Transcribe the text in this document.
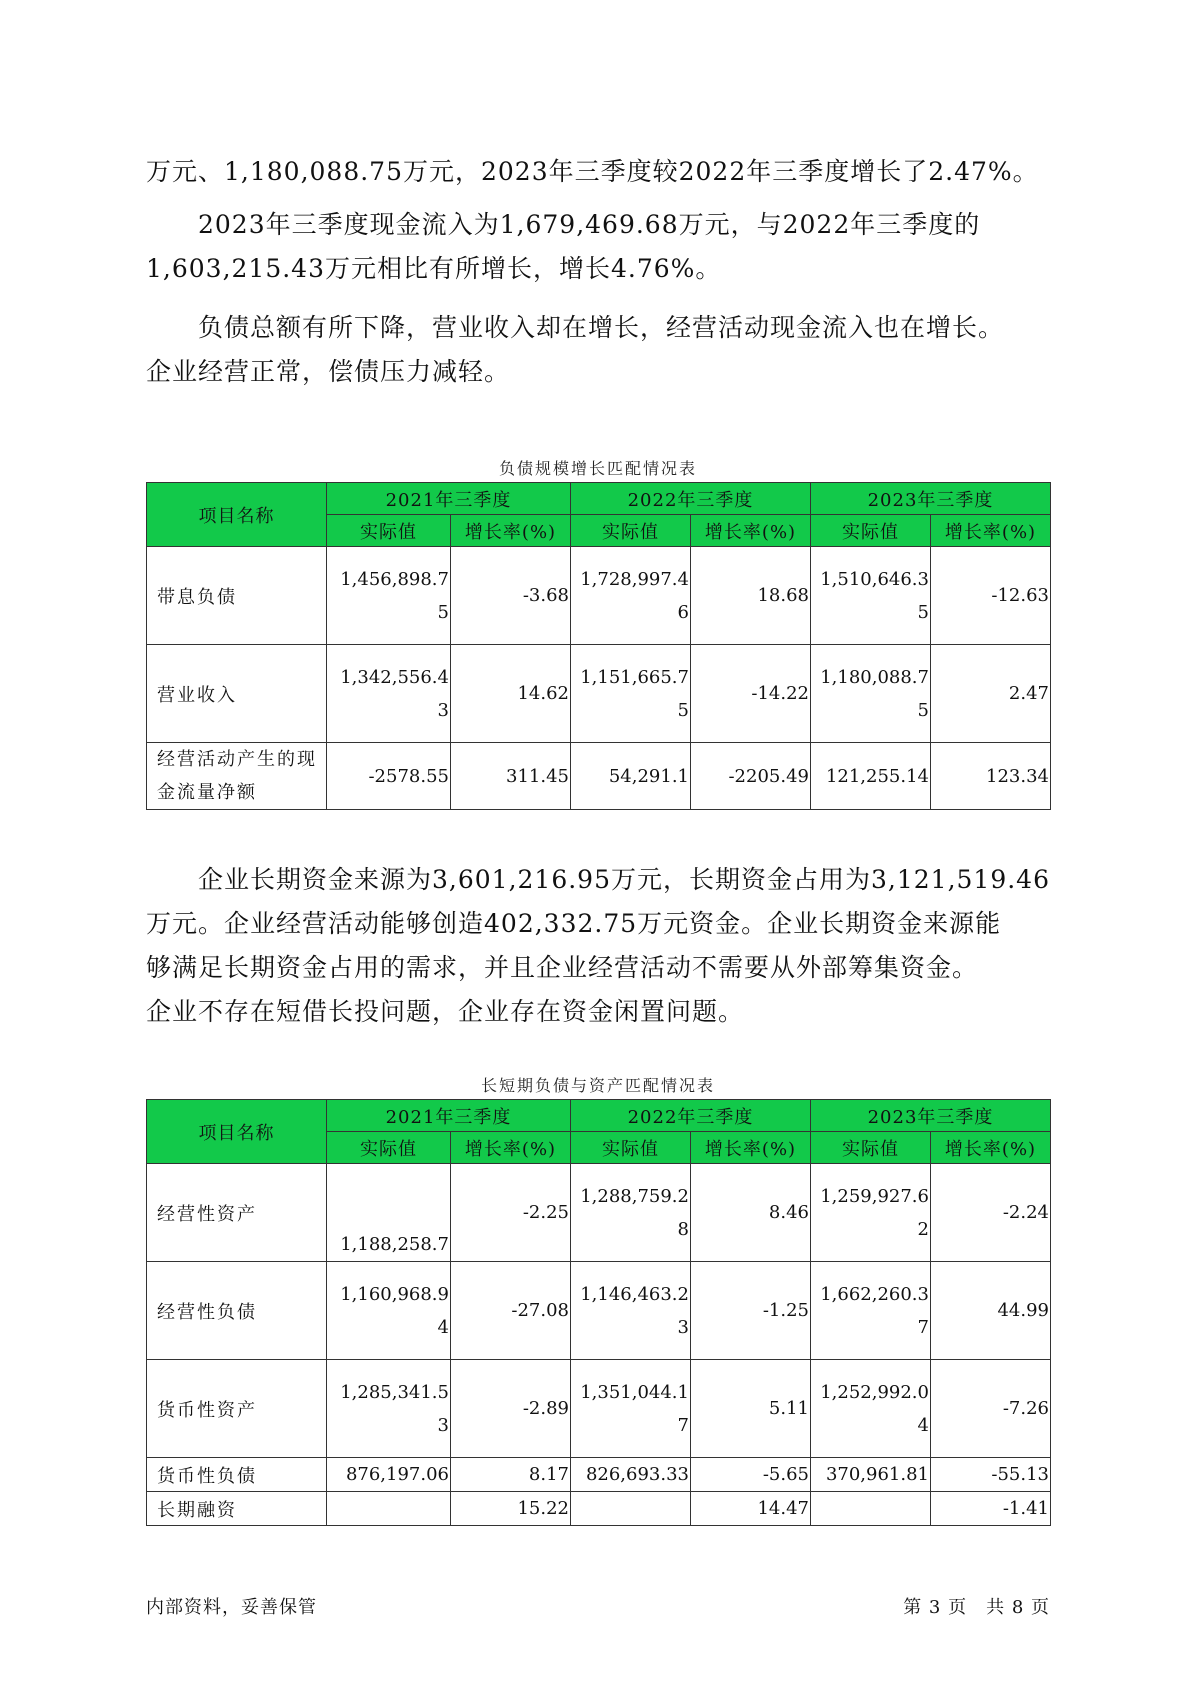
万元、1,180,088.75万元，2023年三季度较2022年三季度增长了2.47%。
　　2023年三季度现金流入为1,679,469.68万元，与2022年三季度的
1,603,215.43万元相比有所增长，增长4.76%。
　　负债总额有所下降，营业收入却在增长，经营活动现金流入也在增长。
企业经营正常，偿债压力减轻。
负债规模增长匹配情况表
项目名称	2021年三季度		2022年三季度		2023年三季度	
	实际值	增长率(%)	实际值	增长率(%)	实际值	增长率(%)
带息负债	1,456,898.75	-3.68	1,728,997.46	18.68	1,510,646.35	-12.63
营业收入	1,342,556.43	14.62	1,151,665.75	-14.22	1,180,088.75	2.47
经营活动产生的现金流量净额	-2578.55	311.45	54,291.1	-2205.49	121,255.14	123.34
　　企业长期资金来源为3,601,216.95万元，长期资金占用为3,121,519.46
万元。企业经营活动能够创造402,332.75万元资金。企业长期资金来源能
够满足长期资金占用的需求，并且企业经营活动不需要从外部筹集资金。
企业不存在短借长投问题，企业存在资金闲置问题。
长短期负债与资产匹配情况表
项目名称	2021年三季度		2022年三季度		2023年三季度	
	实际值	增长率(%)	实际值	增长率(%)	实际值	增长率(%)
经营性资产	1,188,258.7	-2.25	1,288,759.28	8.46	1,259,927.62	-2.24
经营性负债	1,160,968.94	-27.08	1,146,463.23	-1.25	1,662,260.37	44.99
货币性资产	1,285,341.53	-2.89	1,351,044.17	5.11	1,252,992.04	-7.26
货币性负债	876,197.06	8.17	826,693.33	-5.65	370,961.81	-55.13
长期融资		15.22		14.47		-1.41
内部资料，妥善保管	第 3 页　共 8 页
